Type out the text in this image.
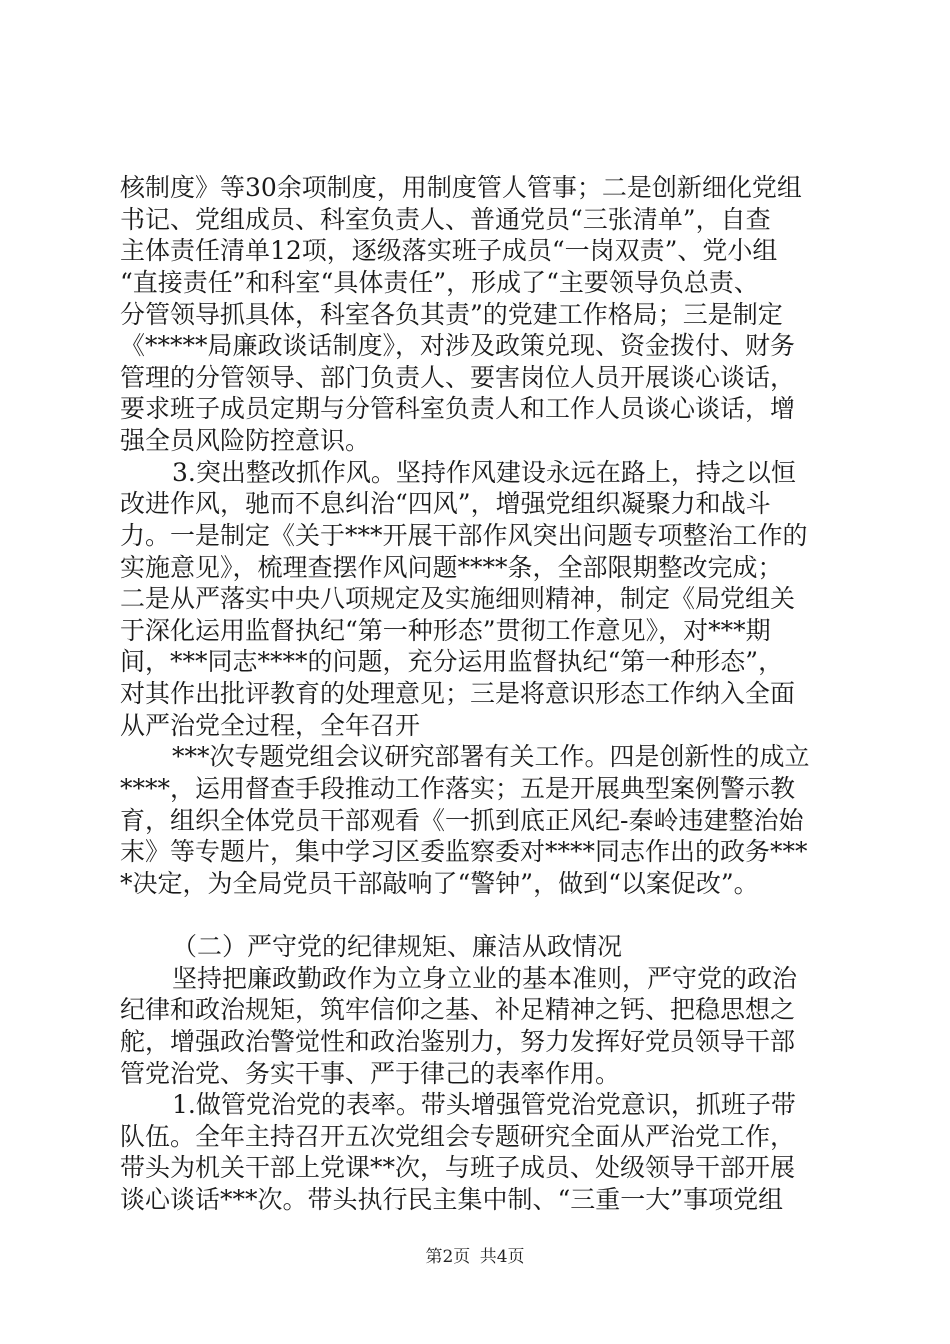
核制度》等30余项制度，用制度管人管事；二是创新细化党组
书记、党组成员、科室负责人、普通党员“三张清单”，自查
主体责任清单12项，逐级落实班子成员“一岗双责”、党小组
“直接责任”和科室“具体责任”，形成了“主要领导负总责、
分管领导抓具体，科室各负其责”的党建工作格局；三是制定
《*****局廉政谈话制度》，对涉及政策兑现、资金拨付、财务
管理的分管领导、部门负责人、要害岗位人员开展谈心谈话，
要求班子成员定期与分管科室负责人和工作人员谈心谈话，增
强全员风险防控意识。
3.突出整改抓作风。坚持作风建设永远在路上，持之以恒
改进作风，驰而不息纠治“四风”，增强党组织凝聚力和战斗
力。一是制定《关于***开展干部作风突出问题专项整治工作的
实施意见》，梳理查摆作风问题****条，全部限期整改完成；
二是从严落实中央八项规定及实施细则精神，制定《局党组关
于深化运用监督执纪“第一种形态”贯彻工作意见》，对***期
间，***同志****的问题，充分运用监督执纪“第一种形态”，
对其作出批评教育的处理意见；三是将意识形态工作纳入全面
从严治党全过程，全年召开
***次专题党组会议研究部署有关工作。四是创新性的成立
****，运用督查手段推动工作落实；五是开展典型案例警示教
育，组织全体党员干部观看《一抓到底正风纪-秦岭违建整治始
末》等专题片，集中学习区委监察委对****同志作出的政务***
*决定，为全局党员干部敲响了“警钟”，做到“以案促改”。
（二）严守党的纪律规矩、廉洁从政情况
坚持把廉政勤政作为立身立业的基本准则，严守党的政治
纪律和政治规矩，筑牢信仰之基、补足精神之钙、把稳思想之
舵，增强政治警觉性和政治鉴别力，努力发挥好党员领导干部
管党治党、务实干事、严于律己的表率作用。
1.做管党治党的表率。带头增强管党治党意识，抓班子带
队伍。全年主持召开五次党组会专题研究全面从严治党工作，
带头为机关干部上党课**次，与班子成员、处级领导干部开展
谈心谈话***次。带头执行民主集中制、“三重一大”事项党组
第2页 共4页
